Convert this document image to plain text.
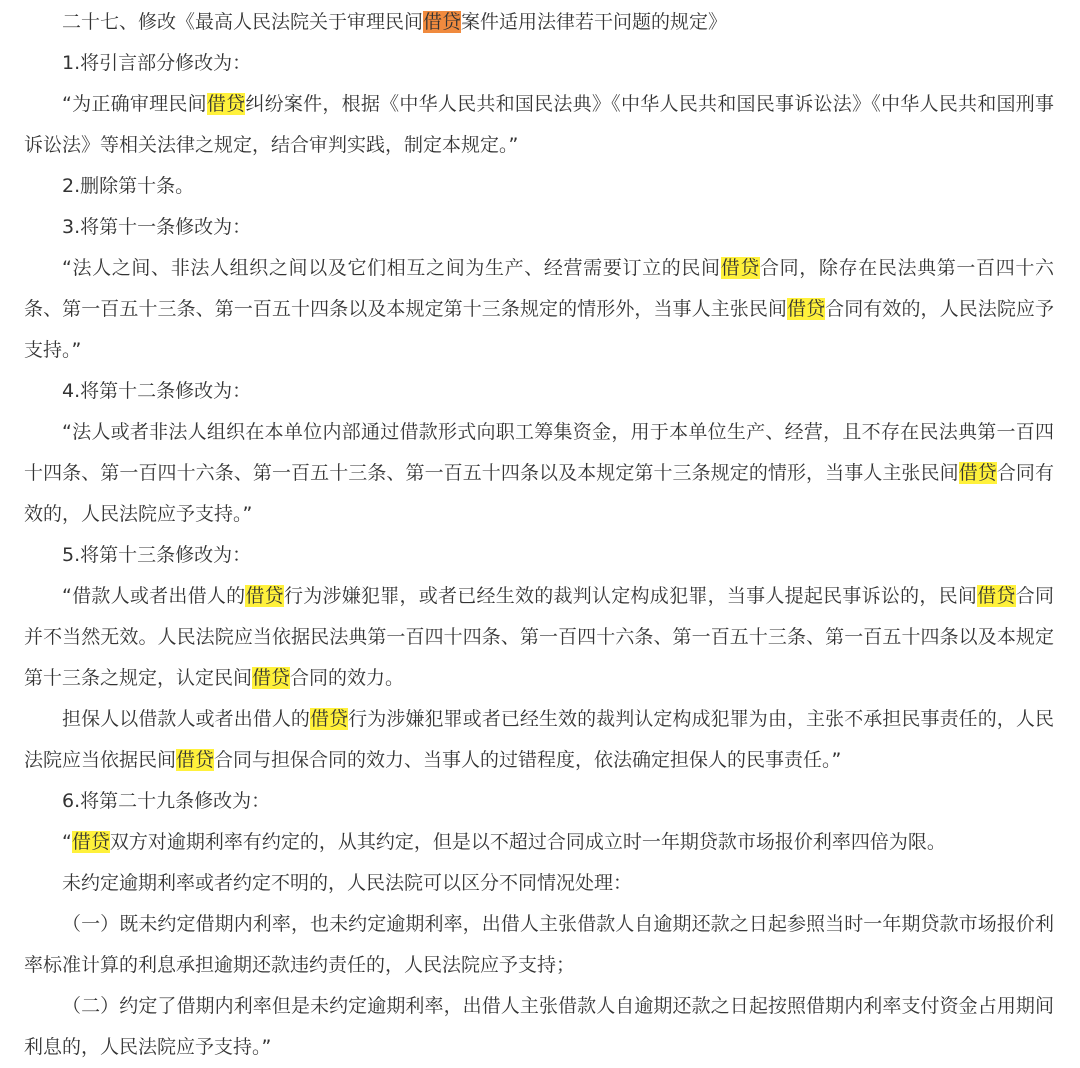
二十七、修改《最高人民法院关于审理民间借贷案件适用法律若干问题的规定》

1.将引言部分修改为：

“为正确审理民间借贷纠纷案件，根据《中华人民共和国民法典》《中华人民共和国民事诉讼法》《中华人民共和国刑事诉讼法》等相关法律之规定，结合审判实践，制定本规定。”

2.删除第十条。

3.将第十一条修改为：

“法人之间、非法人组织之间以及它们相互之间为生产、经营需要订立的民间借贷合同，除存在民法典第一百四十六条、第一百五十三条、第一百五十四条以及本规定第十三条规定的情形外，当事人主张民间借贷合同有效的，人民法院应予支持。”

4.将第十二条修改为：

“法人或者非法人组织在本单位内部通过借款形式向职工筹集资金，用于本单位生产、经营，且不存在民法典第一百四十四条、第一百四十六条、第一百五十三条、第一百五十四条以及本规定第十三条规定的情形，当事人主张民间借贷合同有效的，人民法院应予支持。”

5.将第十三条修改为：

“借款人或者出借人的借贷行为涉嫌犯罪，或者已经生效的裁判认定构成犯罪，当事人提起民事诉讼的，民间借贷合同并不当然无效。人民法院应当依据民法典第一百四十四条、第一百四十六条、第一百五十三条、第一百五十四条以及本规定第十三条之规定，认定民间借贷合同的效力。

担保人以借款人或者出借人的借贷行为涉嫌犯罪或者已经生效的裁判认定构成犯罪为由，主张不承担民事责任的，人民法院应当依据民间借贷合同与担保合同的效力、当事人的过错程度，依法确定担保人的民事责任。”

6.将第二十九条修改为：

“借贷双方对逾期利率有约定的，从其约定，但是以不超过合同成立时一年期贷款市场报价利率四倍为限。

未约定逾期利率或者约定不明的，人民法院可以区分不同情况处理：

（一）既未约定借期内利率，也未约定逾期利率，出借人主张借款人自逾期还款之日起参照当时一年期贷款市场报价利率标准计算的利息承担逾期还款违约责任的，人民法院应予支持；

（二）约定了借期内利率但是未约定逾期利率，出借人主张借款人自逾期还款之日起按照借期内利率支付资金占用期间利息的，人民法院应予支持。”
